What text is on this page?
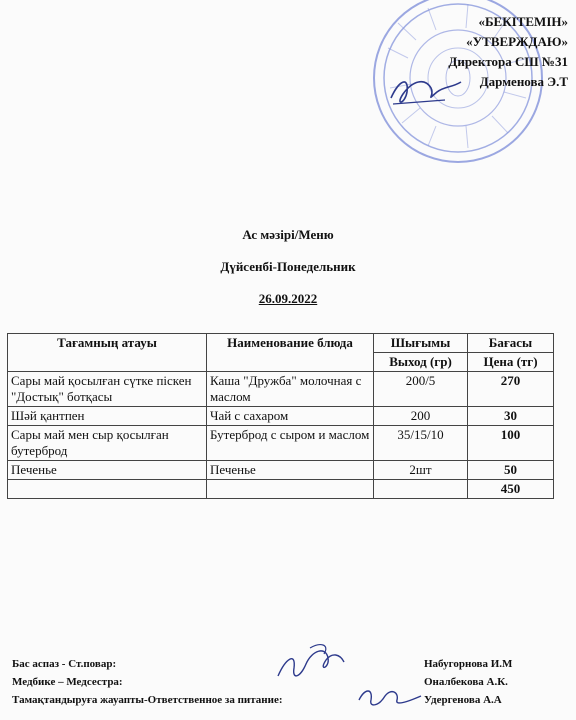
«БЕКІТЕМІН»
«УТВЕРЖДАЮ»
Директора СШ №31
Дарменова Э.Т
Ас мәзірі/Меню
Дүйсенбі-Понедельник
26.09.2022
Тағамның атауы	Наименование блюда	Шығымы	Бағасы
		Выход (гр)	Цена (тг)
Сары май қосылған сүтке піскен "Достық" ботқасы	Каша "Дружба" молочная с маслом	200/5	270
Шәй қантпен	Чай с сахаром	200	30
Сары май мен сыр қосылған бутерброд	Бутерброд с сыром и маслом	35/15/10	100
Печенье	Печенье	2шт	50
			450
Бас аспаз - Ст.повар:	Набугорнова И.М
Медбике – Медсестра:	Оналбекова А.К.
Тамақтандыруға жауапты-Ответственное за питание:	Удергенова А.А
